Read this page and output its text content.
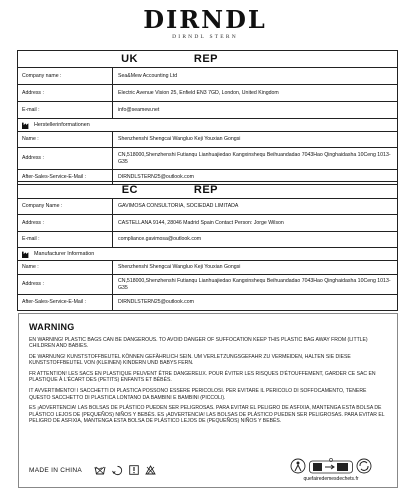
DIRNDL
DIRNDL STERN
UK	REP
Company name :	Sea&Mew Accounting Ltd
Address :	Electric Avenue Vision 25, Enfield EN3 7GD, London, United Kingdom
E-mail :	info@seamew.net
Herstellerinformationen
Name :	Shenzhenshi Shengcai Wangluo Keji Youxian Gongsi
Address :
CN,518000,Shenzhenshi Futianqu Lianhuajiedao Kangxinshequ Beihuandadao 7043Hao Qinghaidasha 10Ceng 1013-G35
After-Sales-Service-E-Mail :	DIRNDLSTERN25@outlook.com
EC	REP
Company Name :	GAVIMOSA CONSULTORIA, SOCIEDAD LIMITADA
Address :	CASTELLANA 9144, 28046 Madrid Spain Contact Person: Jorge Wilson
E-mail :	compliance.gavimosa@outlook.com
Manufacturer Information
Name :	Shenzhenshi Shengcai Wangluo Keji Youxian Gongsi
Address :
CN,518000,Shenzhenshi Futianqu Lianhuajiedao Kangxinshequ Beihuandadao 7043Hao Qinghaidasha 10Ceng 1013-G35
After-Sales-Service-E-Mail :	DIRNDLSTERN25@outlook.com
WARNING

EN WARNING! PLASTIC BAGS CAN BE DANGEROUS. TO AVOID DANGER OF SUFFOCATION KEEP THIS PLASTIC BAG AWAY FROM (LITTLE) CHILDREN AND BABIES.

DE WARNUNG! KUNSTSTOFFBEUTEL KÖNNEN GEFÄHRLICH SEIN. UM VERLETZUNGSGEFAHR ZU VERMEIDEN, HALTEN SIE DIESE KUNSTSTOFFBEUTEL VON (KLEINEN) KINDERN UND BABYS FERN.

FR ATTENTION! LES SACS EN PLASTIQUE PEUVENT ÊTRE DANGEREUX. POUR ÉVITER LES RISQUES D'ÉTOUFFEMENT, GARDER CE SAC EN PLASTIQUE À L'ÉCART DES (PETITS) ENFANTS ET BÉBÉS.

IT AVVERTIMENTO! I SACCHETTI DI PLASTICA POSSONO ESSERE PERICOLOSI. PER EVITARE IL PERICOLO DI SOFFOCAMENTO, TENERE QUESTO SACCHETTO DI PLASTICA LONTANO DA BAMBINI E BAMBINI (PICCOLI).

ES ¡ADVERTENCIA! LAS BOLSAS DE PLÁSTICO PUEDEN SER PELIGROSAS. PARA EVITAR EL PELIGRO DE ASFIXIA, MANTENGA ESTA BOLSA DE PLÁSTICO LEJOS DE (PEQUEÑOS) NIÑOS Y BEBÉS. ES ¡ADVERTENCIA! LAS BOLSAS DE PLÁSTICO PUEDEN SER PELIGROSAS. PARA EVITAR EL PELIGRO DE ASFIXIA, MANTENGA ESTA BOLSA DE PLÁSTICO LEJOS DE (PEQUEÑOS) NIÑOS Y BEBÉS.

MADE IN CHINA
quefairedemesdechets.fr
